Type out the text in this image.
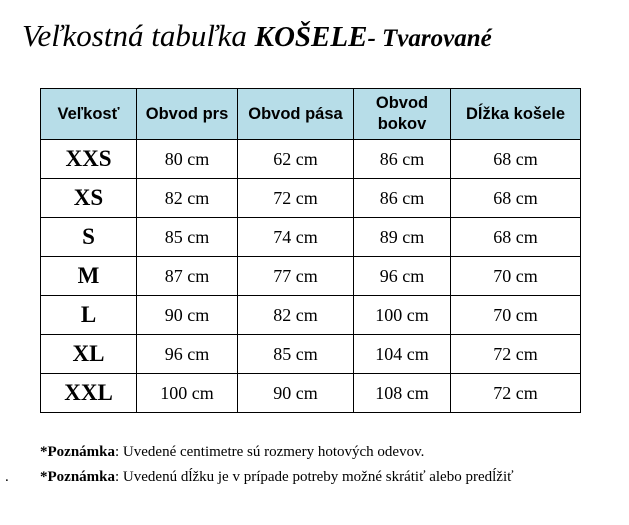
Veľkostná tabuľka KOŠELE- Tvarované
Veľkosť	Obvod prs	Obvod pása	Obvod bokov	Dĺžka košele
XXS	80 cm	62 cm	86 cm	68 cm
XS	82 cm	72 cm	86 cm	68 cm
S	85 cm	74 cm	89 cm	68 cm
M	87 cm	77 cm	96 cm	70 cm
L	90 cm	82 cm	100 cm	70 cm
XL	96 cm	85 cm	104 cm	72 cm
XXL	100 cm	90 cm	108 cm	72 cm
*Poznámka: Uvedené centimetre sú rozmery hotových odevov.
. *Poznámka: Uvedenú dĺžku je v prípade potreby možné skrátiť alebo predĺžiť
